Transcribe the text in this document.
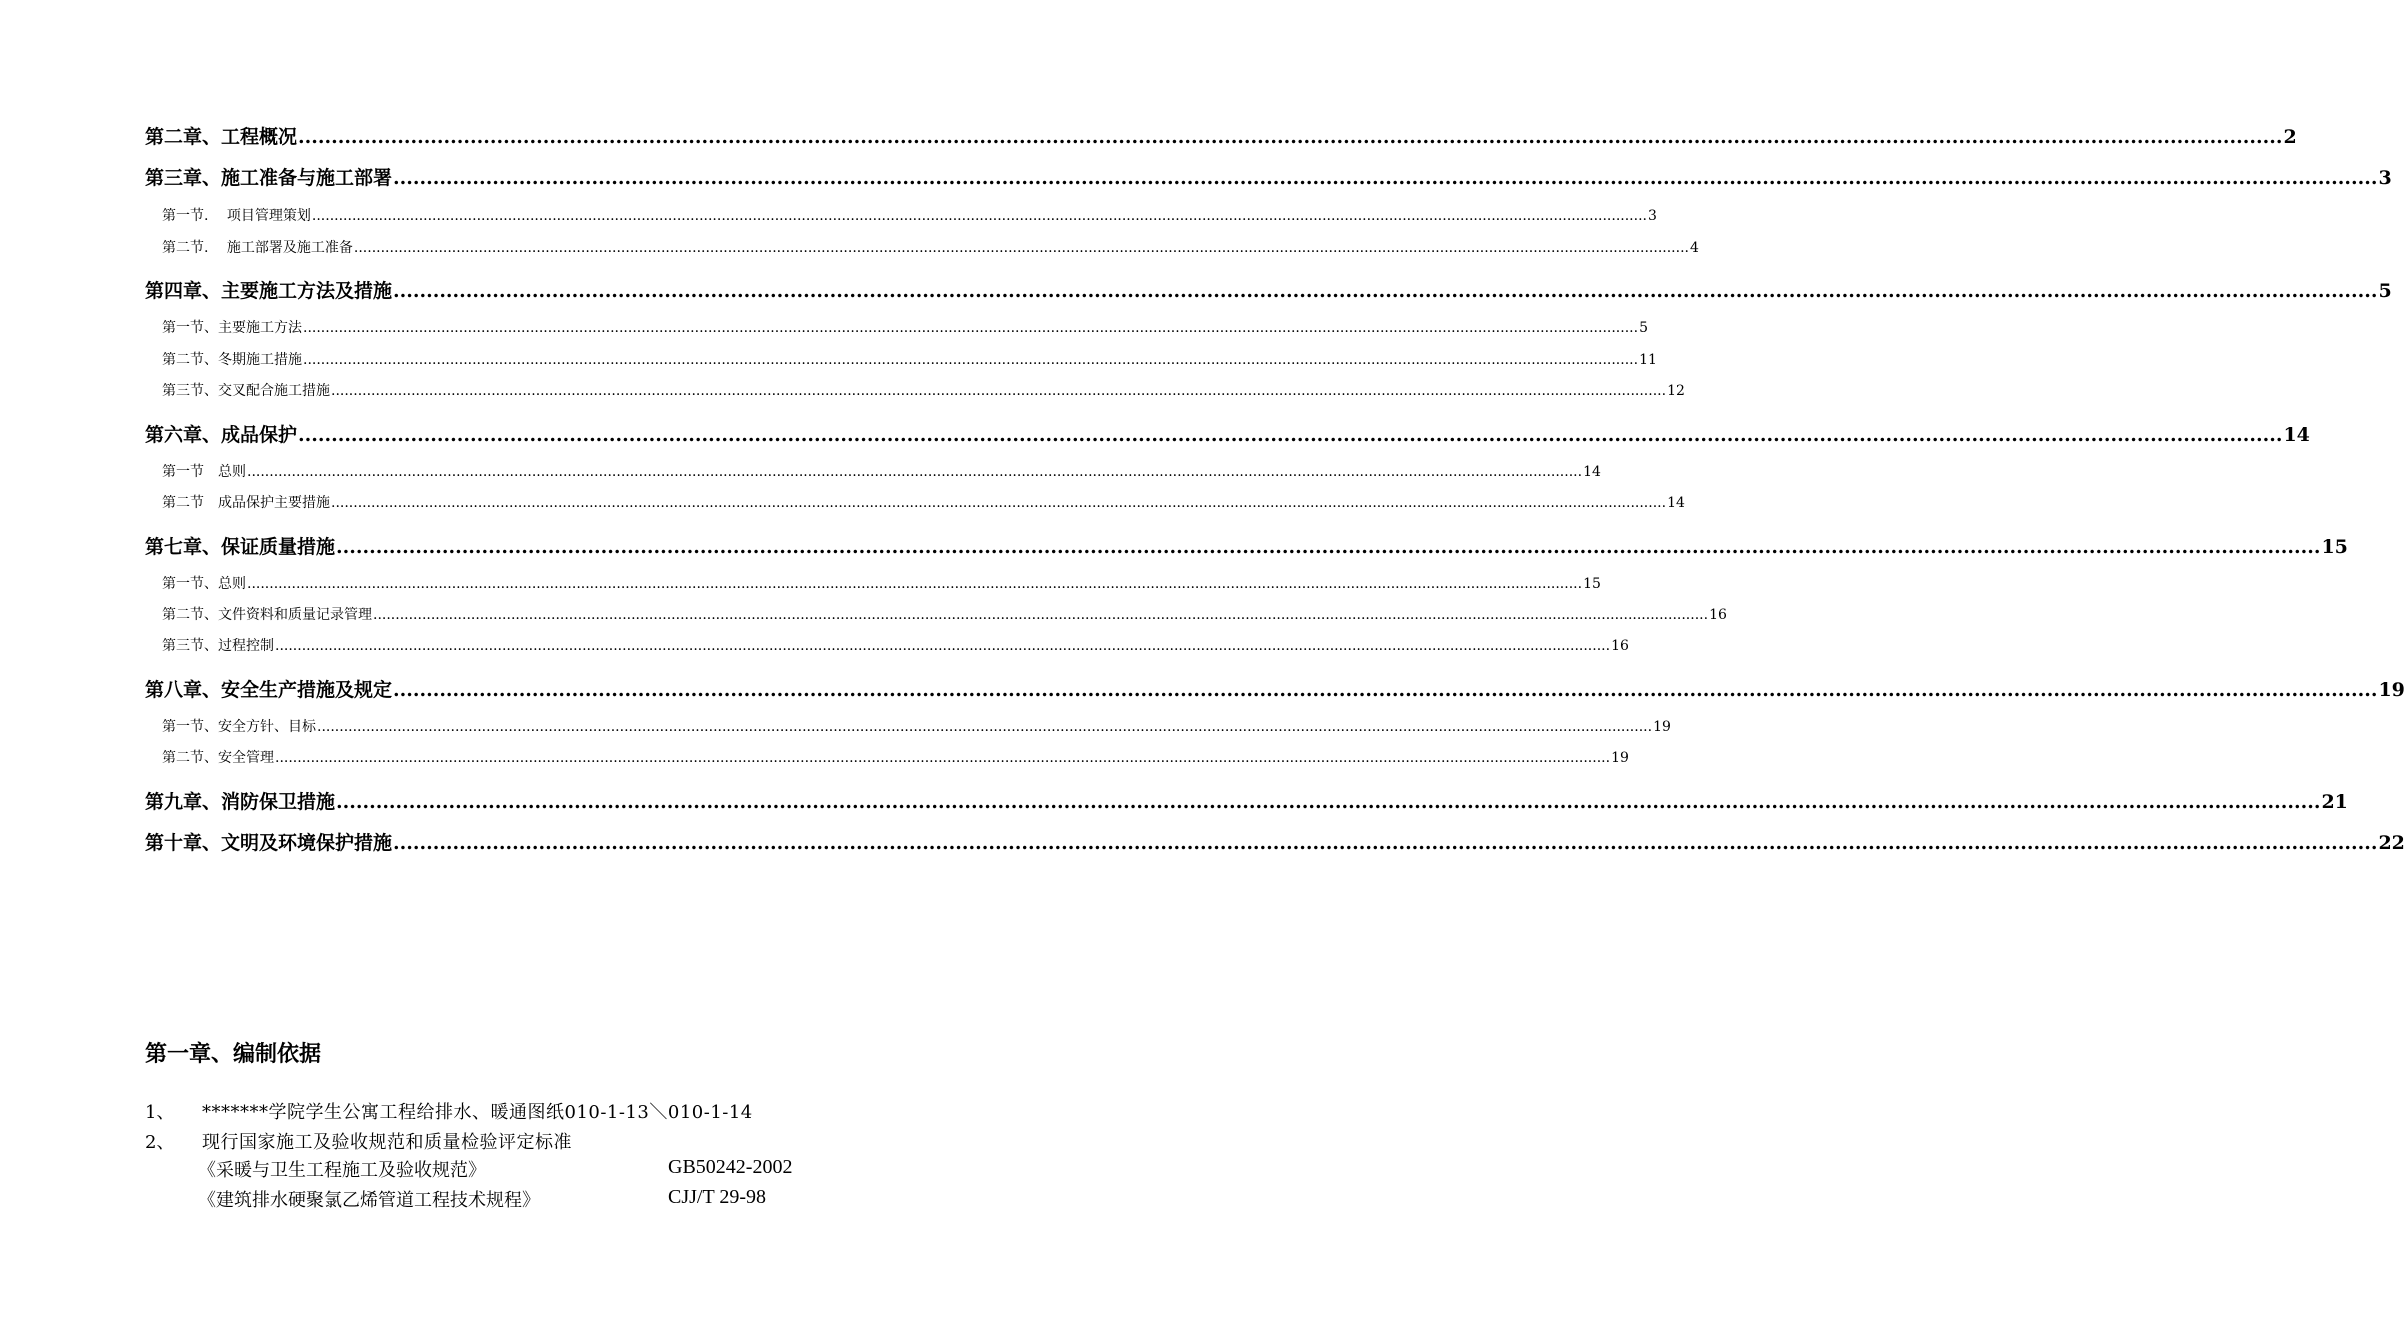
第二章、工程概况 ............................................................................................................................................................................................................................................................................................................ 2
第三章、施工准备与施工部署 ............................................................................................................................................................................................................................................................................................................ 3
第一节.　 项目管理策划 ............................................................................................................................................................................................................................................................................................................ 3
第二节.　 施工部署及施工准备 ............................................................................................................................................................................................................................................................................................................ 4
第四章、主要施工方法及措施 ............................................................................................................................................................................................................................................................................................................ 5
第一节、主要施工方法 ............................................................................................................................................................................................................................................................................................................ 5
第二节、冬期施工措施 ............................................................................................................................................................................................................................................................................................................ 11
第三节、交叉配合施工措施 ............................................................................................................................................................................................................................................................................................................ 12
第六章、成品保护 ............................................................................................................................................................................................................................................................................................................ 14
第一节　总则 ............................................................................................................................................................................................................................................................................................................ 14
第二节　成品保护主要措施 ............................................................................................................................................................................................................................................................................................................ 14
第七章、保证质量措施 ............................................................................................................................................................................................................................................................................................................ 15
第一节、总则 ............................................................................................................................................................................................................................................................................................................ 15
第二节、文件资料和质量记录管理 ............................................................................................................................................................................................................................................................................................................ 16
第三节、过程控制 ............................................................................................................................................................................................................................................................................................................ 16
第八章、安全生产措施及规定 ............................................................................................................................................................................................................................................................................................................ 19
第一节、安全方针、目标 ............................................................................................................................................................................................................................................................................................................ 19
第二节、安全管理 ............................................................................................................................................................................................................................................................................................................ 19
第九章、消防保卫措施 ............................................................................................................................................................................................................................................................................................................ 21
第十章、文明及环境保护措施 ............................................................................................................................................................................................................................................................................................................ 22
第一章、编制依据
1、 *******学院学生公寓工程给排水、暖通图纸010-1-13＼010-1-14
2、 现行国家施工及验收规范和质量检验评定标准
《采暖与卫生工程施工及验收规范》	GB50242-2002
《建筑排水硬聚氯乙烯管道工程技术规程》	CJJ/T 29-98
